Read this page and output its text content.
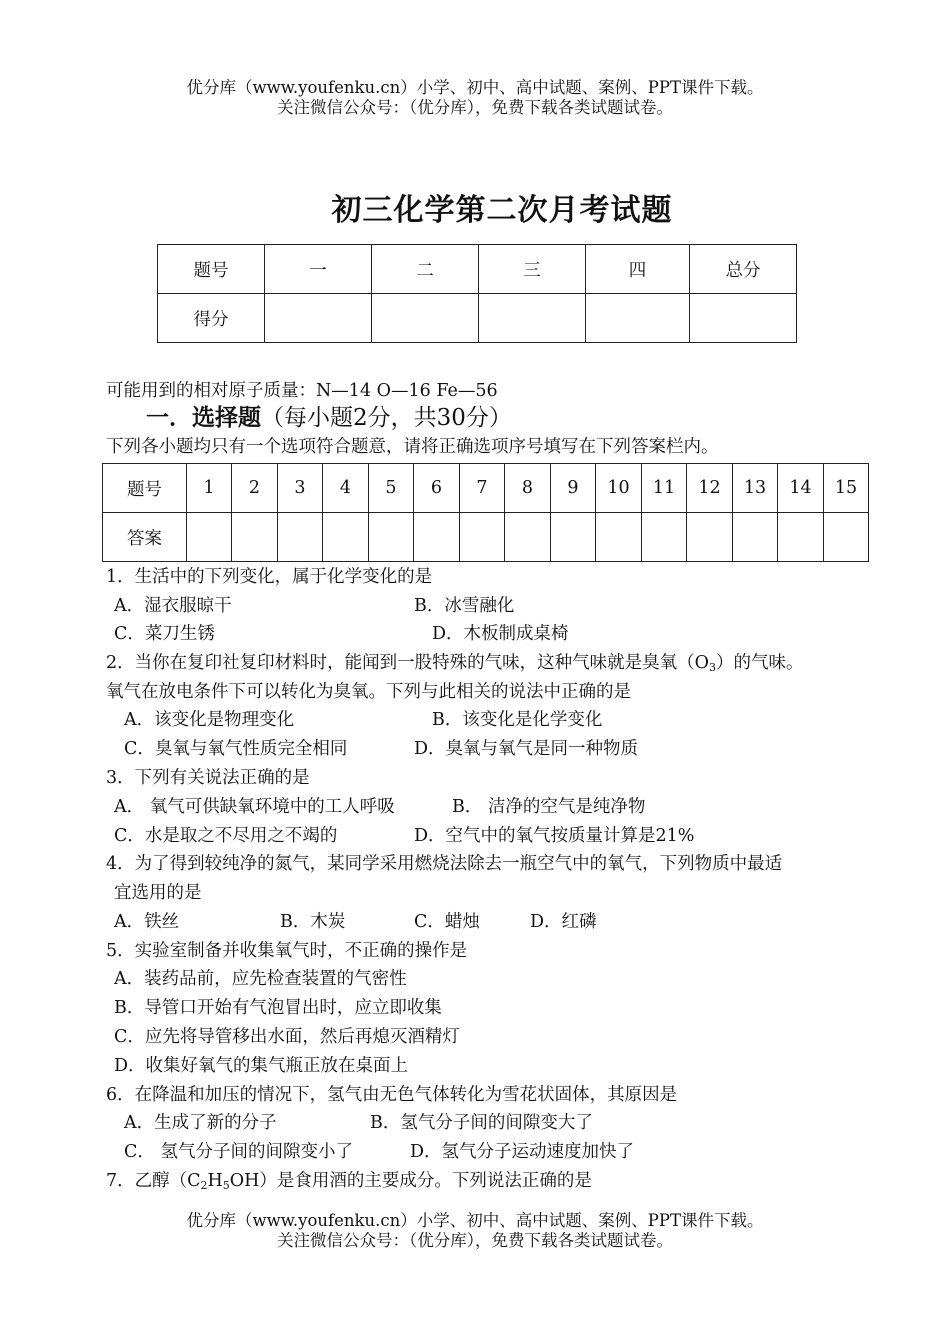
优分库（www.youfenku.cn）小学、初中、高中试题、案例、PPT课件下载。
关注微信公众号：（优分库），免费下载各类试题试卷。
初三化学第二次月考试题
题号	一	二	三	四	总分
得分					
可能用到的相对原子质量：N—14 O—16 Fe—56
一．选择题（每小题2分，共30分）
下列各小题均只有一个选项符合题意，请将正确选项序号填写在下列答案栏内。
题号	1	2	3	4	5	6	7	8	9	10	11	12	13	14	15
答案															
1．生活中的下列变化，属于化学变化的是
A．湿衣服晾干	B．冰雪融化
C．菜刀生锈	D．木板制成桌椅
2．当你在复印社复印材料时，能闻到一股特殊的气味，这种气味就是臭氧$(O_3)$的气味。
氧气在放电条件下可以转化为臭氧。下列与此相关的说法中正确的是
A．该变化是物理变化	B．该变化是化学变化
C．臭氧与氧气性质完全相同	D．臭氧与氧气是同一种物质
3．下列有关说法正确的是
A． 氧气可供缺氧环境中的工人呼吸	B． 洁净的空气是纯净物
C．水是取之不尽用之不竭的	D．空气中的氧气按质量计算是21%
4．为了得到较纯净的氮气，某同学采用燃烧法除去一瓶空气中的氧气，下列物质中最适
宜选用的是
A．铁丝	B．木炭	C．蜡烛	D．红磷
5．实验室制备并收集氧气时，不正确的操作是
A．装药品前，应先检查装置的气密性
B．导管口开始有气泡冒出时，应立即收集
C．应先将导管移出水面，然后再熄灭酒精灯
D．收集好氧气的集气瓶正放在桌面上
6．在降温和加压的情况下，氢气由无色气体转化为雪花状固体，其原因是
A．生成了新的分子	B．氢气分子间的间隙变大了
C． 氢气分子间的间隙变小了	D．氢气分子运动速度加快了
7．乙醇$(C_2H_5OH)$是食用酒的主要成分。下列说法正确的是
优分库（www.youfenku.cn）小学、初中、高中试题、案例、PPT课件下载。
关注微信公众号：（优分库），免费下载各类试题试卷。
